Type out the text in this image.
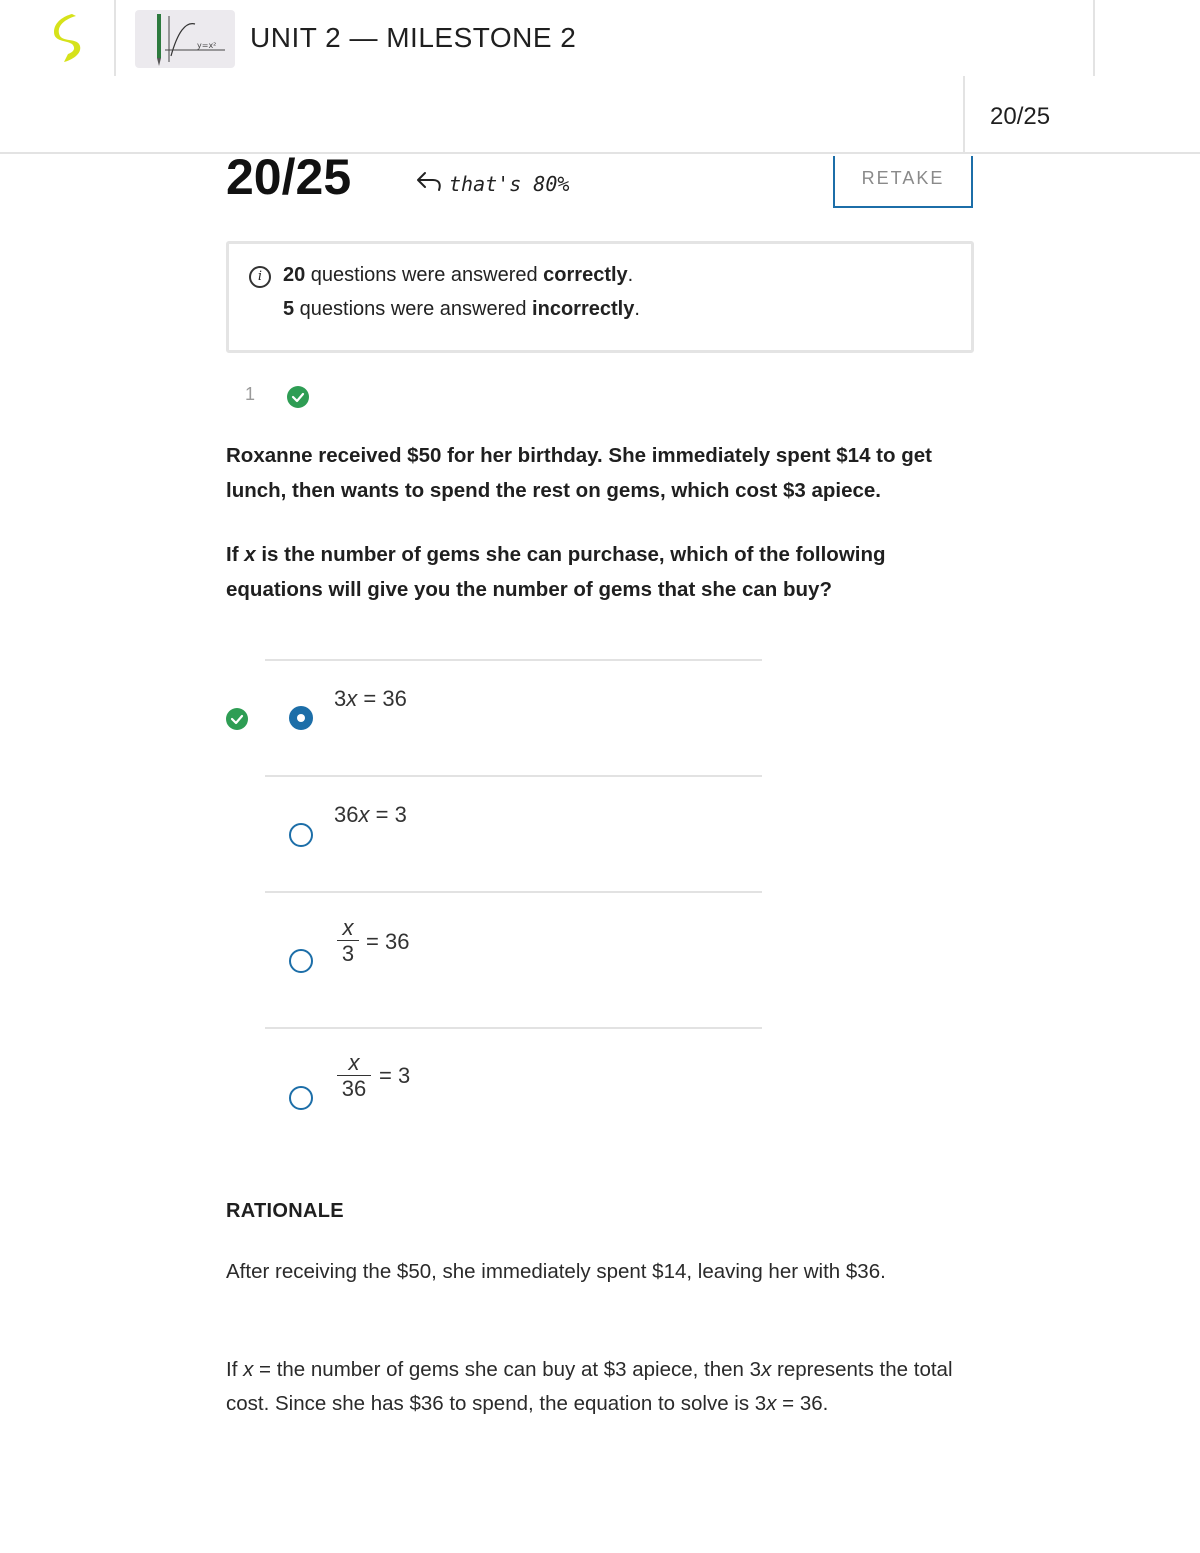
y=x² UNIT 2 — MILESTONE 2
20/25
20/25	that's 80%	RETAKE
i	20 questions were answered correctly.
5 questions were answered incorrectly.
1
Roxanne received $50 for her birthday. She immediately spent $14 to get lunch, then wants to spend the rest on gems, which cost $3 apiece.
If x is the number of gems she can purchase, which of the following equations will give you the number of gems that she can buy?
3x = 36
36x = 3
x
3 = 36
x
36
= 3
RATIONALE
After receiving the $50, she immediately spent $14, leaving her with $36.
If x = the number of gems she can buy at $3 apiece, then 3x represents the total cost. Since she has $36 to spend, the equation to solve is 3x = 36.
